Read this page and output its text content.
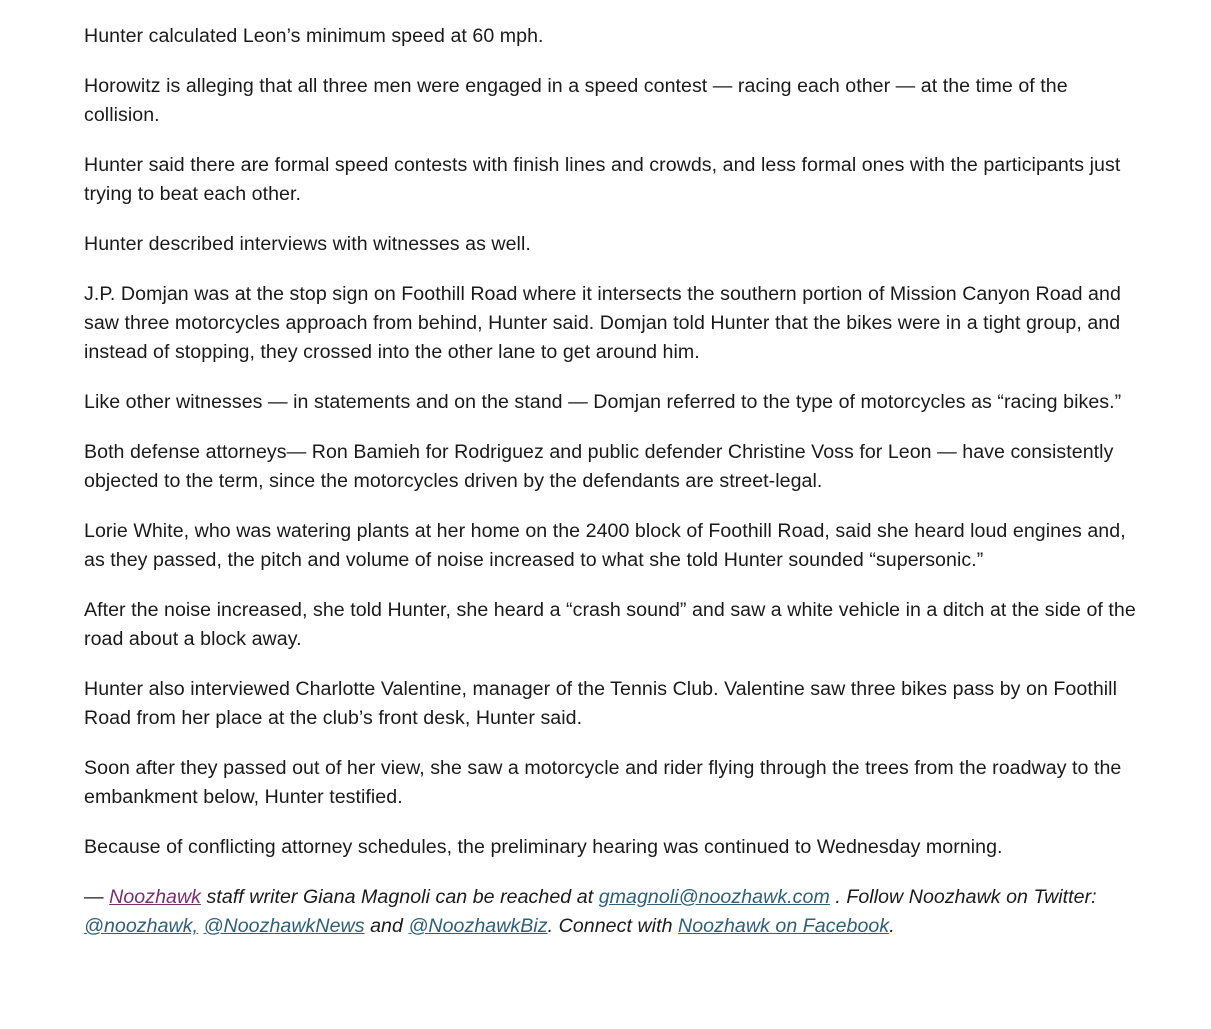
Hunter calculated Leon’s minimum speed at 60 mph.

Horowitz is alleging that all three men were engaged in a speed contest — racing each other — at the time of the collision.

Hunter said there are formal speed contests with finish lines and crowds, and less formal ones with the participants just trying to beat each other.

Hunter described interviews with witnesses as well.

J.P. Domjan was at the stop sign on Foothill Road where it intersects the southern portion of Mission Canyon Road and saw three motorcycles approach from behind, Hunter said. Domjan told Hunter that the bikes were in a tight group, and instead of stopping, they crossed into the other lane to get around him.

Like other witnesses — in statements and on the stand — Domjan referred to the type of motorcycles as “racing bikes.”

Both defense attorneys— Ron Bamieh for Rodriguez and public defender Christine Voss for Leon — have consistently objected to the term, since the motorcycles driven by the defendants are street-legal.

Lorie White, who was watering plants at her home on the 2400 block of Foothill Road, said she heard loud engines and, as they passed, the pitch and volume of noise increased to what she told Hunter sounded “supersonic.”

After the noise increased, she told Hunter, she heard a “crash sound” and saw a white vehicle in a ditch at the side of the road about a block away.

Hunter also interviewed Charlotte Valentine, manager of the Tennis Club. Valentine saw three bikes pass by on Foothill Road from her place at the club’s front desk, Hunter said.

Soon after they passed out of her view, she saw a motorcycle and rider flying through the trees from the roadway to the embankment below, Hunter testified.

Because of conflicting attorney schedules, the preliminary hearing was continued to Wednesday morning.

— Noozhawk staff writer Giana Magnoli can be reached at gmagnoli@noozhawk.com . Follow Noozhawk on Twitter: @noozhawk, @NoozhawkNews and @NoozhawkBiz. Connect with Noozhawk on Facebook.
